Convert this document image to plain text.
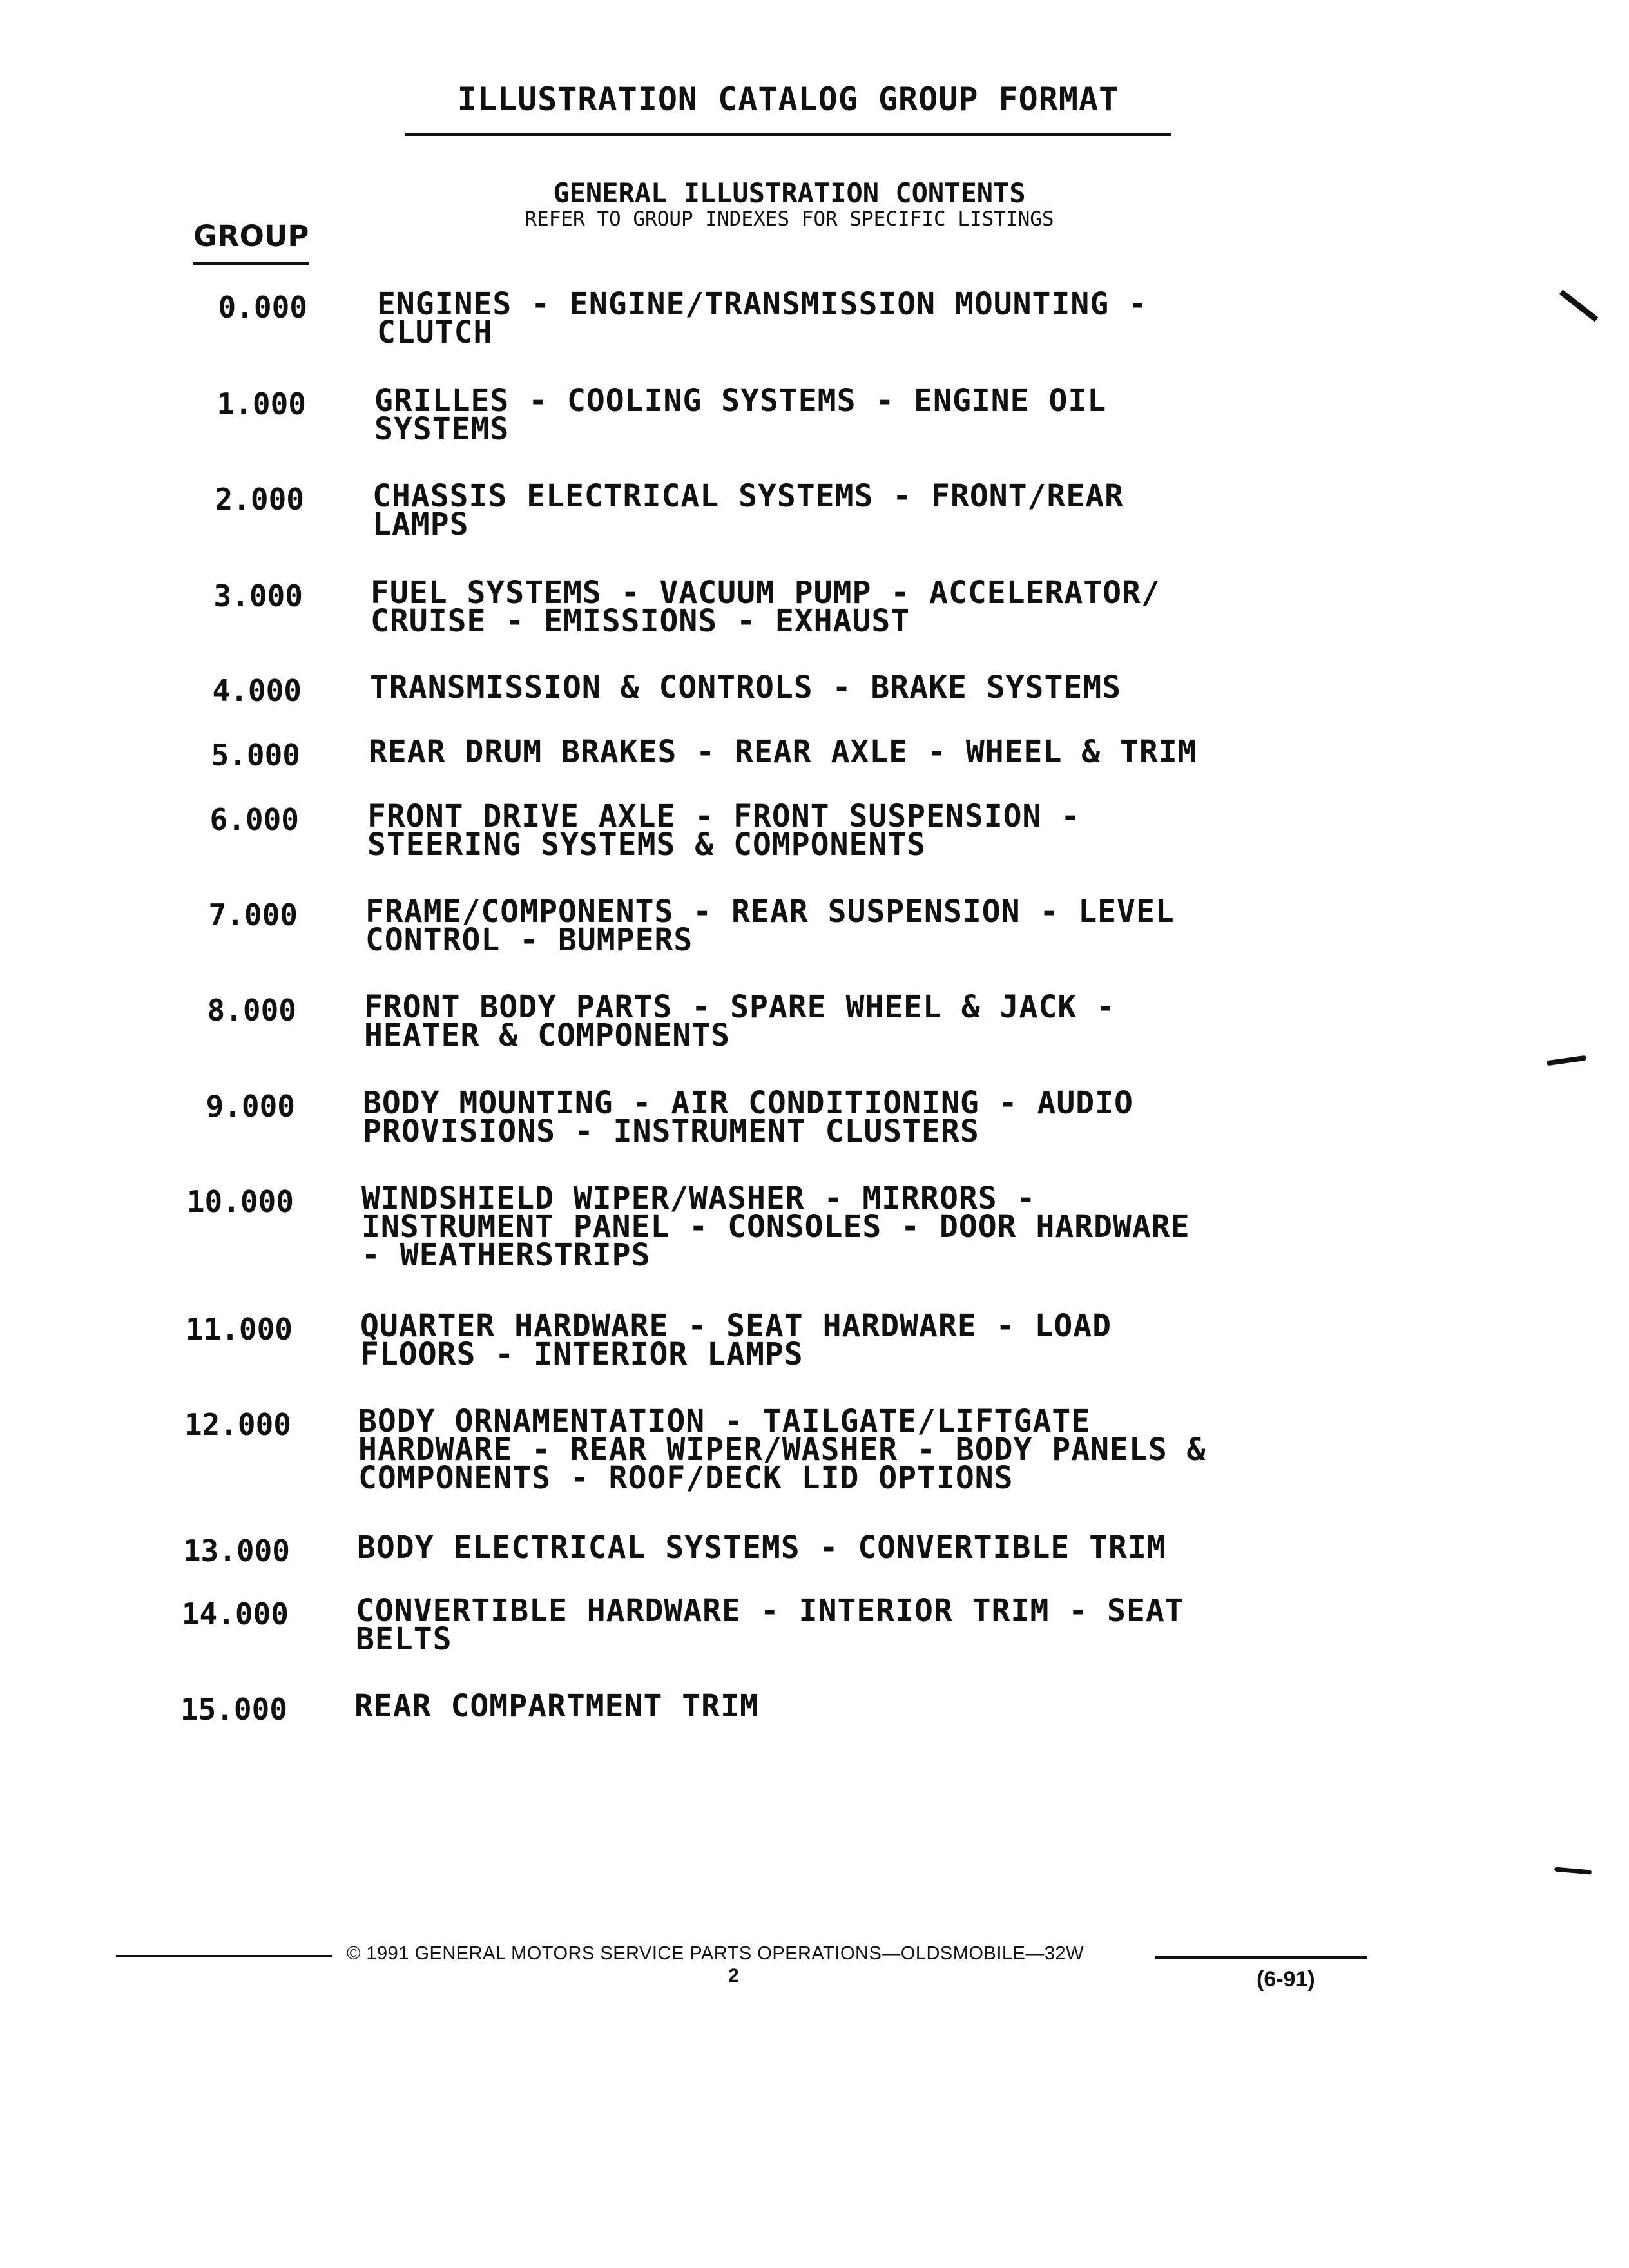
ILLUSTRATION CATALOG GROUP FORMAT
GENERAL ILLUSTRATION CONTENTS
REFER TO GROUP INDEXES FOR SPECIFIC LISTINGS
GROUP
0.000 ENGINES - ENGINE/TRANSMISSION MOUNTING -
CLUTCH
1.000 GRILLES - COOLING SYSTEMS - ENGINE OIL
SYSTEMS
2.000 CHASSIS ELECTRICAL SYSTEMS - FRONT/REAR
LAMPS
3.000 FUEL SYSTEMS - VACUUM PUMP - ACCELERATOR/
CRUISE - EMISSIONS - EXHAUST
4.000 TRANSMISSION & CONTROLS - BRAKE SYSTEMS
5.000 REAR DRUM BRAKES - REAR AXLE - WHEEL & TRIM
6.000 FRONT DRIVE AXLE - FRONT SUSPENSION -
STEERING SYSTEMS & COMPONENTS
7.000 FRAME/COMPONENTS - REAR SUSPENSION - LEVEL
CONTROL - BUMPERS
8.000 FRONT BODY PARTS - SPARE WHEEL & JACK -
HEATER & COMPONENTS
9.000 BODY MOUNTING - AIR CONDITIONING - AUDIO
PROVISIONS - INSTRUMENT CLUSTERS
10.000 WINDSHIELD WIPER/WASHER - MIRRORS -
INSTRUMENT PANEL - CONSOLES - DOOR HARDWARE
- WEATHERSTRIPS
11.000 QUARTER HARDWARE - SEAT HARDWARE - LOAD
FLOORS - INTERIOR LAMPS
12.000 BODY ORNAMENTATION - TAILGATE/LIFTGATE
HARDWARE - REAR WIPER/WASHER - BODY PANELS &
COMPONENTS - ROOF/DECK LID OPTIONS
13.000 BODY ELECTRICAL SYSTEMS - CONVERTIBLE TRIM
14.000 CONVERTIBLE HARDWARE - INTERIOR TRIM - SEAT
BELTS
15.000 REAR COMPARTMENT TRIM
© 1991 GENERAL MOTORS SERVICE PARTS OPERATIONS—OLDSMOBILE—32W
2	(6-91)
